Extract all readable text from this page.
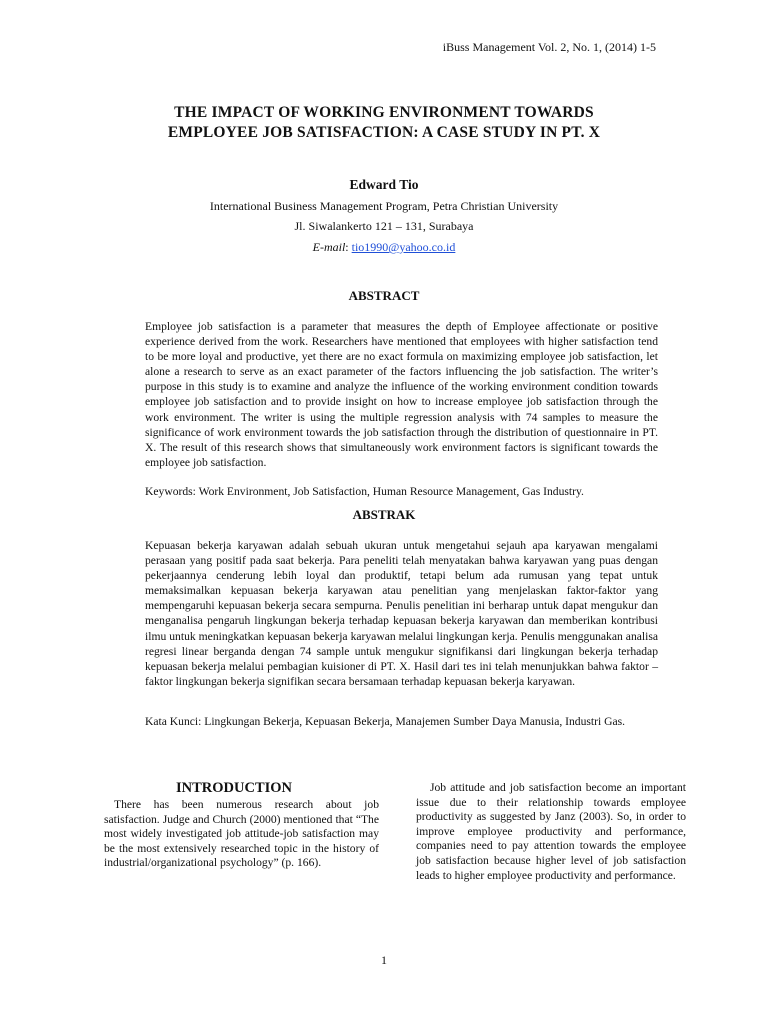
iBuss Management Vol. 2, No. 1, (2014) 1-5
THE IMPACT OF WORKING ENVIRONMENT TOWARDS
EMPLOYEE JOB SATISFACTION: A CASE STUDY IN PT. X
Edward Tio
International Business Management Program, Petra Christian University
Jl. Siwalankerto 121 – 131, Surabaya
E-mail: tio1990@yahoo.co.id
ABSTRACT
Employee job satisfaction is a parameter that measures the depth of Employee affectionate or positive experience derived from the work. Researchers have mentioned that employees with higher satisfaction tend to be more loyal and productive, yet there are no exact formula on maximizing employee job satisfaction, let alone a research to serve as an exact parameter of the factors influencing the job satisfaction. The writer’s purpose in this study is to examine and analyze the influence of the working environment condition towards employee job satisfaction and to provide insight on how to increase employee job satisfaction through the work environment. The writer is using the multiple regression analysis with 74 samples to measure the significance of work environment towards the job satisfaction through the distribution of questionnaire in PT. X. The result of this research shows that simultaneously work environment factors is significant towards the employee job satisfaction.
Keywords: Work Environment, Job Satisfaction, Human Resource Management, Gas Industry.
ABSTRAK
Kepuasan bekerja karyawan adalah sebuah ukuran untuk mengetahui sejauh apa karyawan mengalami perasaan yang positif pada saat bekerja. Para peneliti telah menyatakan bahwa karyawan yang puas dengan pekerjaannya cenderung lebih loyal dan produktif, tetapi belum ada rumusan yang tepat untuk memaksimalkan kepuasan bekerja karyawan atau penelitian yang menjelaskan faktor-faktor yang mempengaruhi kepuasan bekerja secara sempurna. Penulis penelitian ini berharap untuk dapat mengukur dan menganalisa pengaruh lingkungan bekerja terhadap kepuasan bekerja karyawan dan memberikan kontribusi ilmu untuk meningkatkan kepuasan bekerja karyawan melalui lingkungan kerja. Penulis menggunakan analisa regresi linear berganda dengan 74 sample untuk mengukur signifikansi dari lingkungan bekerja terhadap kepuasan bekerja melalui pembagian kuisioner di PT. X. Hasil dari tes ini telah menunjukkan bahwa faktor – faktor lingkungan bekerja signifikan secara bersamaan terhadap kepuasan bekerja karyawan.
Kata Kunci: Lingkungan Bekerja, Kepuasan Bekerja, Manajemen Sumber Daya Manusia, Industri Gas.
INTRODUCTION
There has been numerous research about job satisfaction. Judge and Church (2000) mentioned that “The most widely investigated job attitude-job satisfaction may be the most extensively researched topic in the history of industrial/organizational psychology” (p. 166).
Job attitude and job satisfaction become an important issue due to their relationship towards employee productivity as suggested by Janz (2003). So, in order to improve employee productivity and performance, companies need to pay attention towards the employee job satisfaction because higher level of job satisfaction leads to higher employee productivity and performance.
1
